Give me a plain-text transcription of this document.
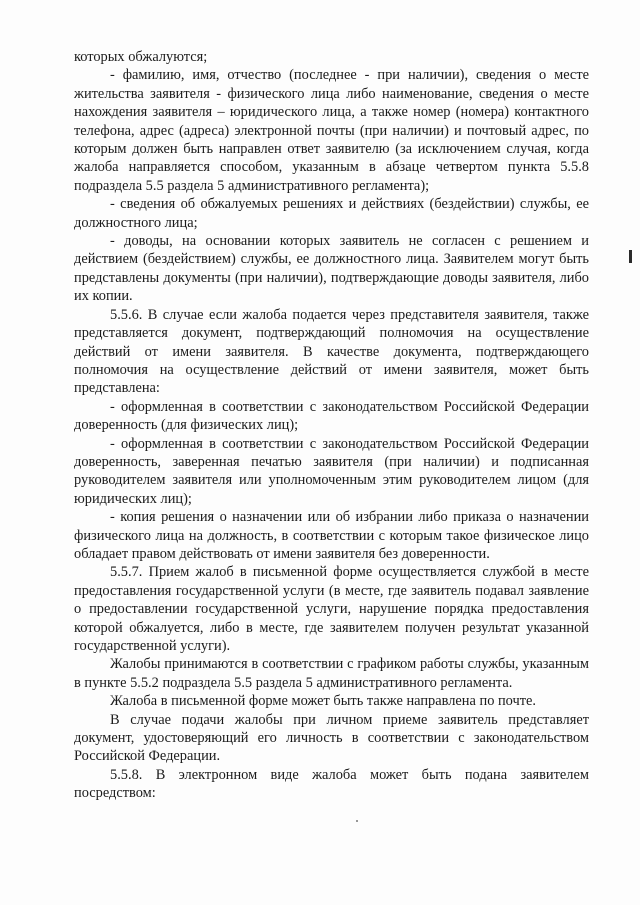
которых обжалуются;

- фамилию, имя, отчество (последнее - при наличии), сведения о месте жительства заявителя - физического лица либо наименование, сведения о месте нахождения заявителя – юридического лица, а также номер (номера) контактного телефона, адрес (адреса) электронной почты (при наличии) и почтовый адрес, по которым должен быть направлен ответ заявителю (за исключением случая, когда жалоба направляется способом, указанным в абзаце четвертом пункта 5.5.8 подраздела 5.5 раздела 5 административного регламента);

- сведения об обжалуемых решениях и действиях (бездействии) службы, ее должностного лица;

- доводы, на основании которых заявитель не согласен с решением и действием (бездействием) службы, ее должностного лица. Заявителем могут быть представлены документы (при наличии), подтверждающие доводы заявителя, либо их копии.

5.5.6. В случае если жалоба подается через представителя заявителя, также представляется документ, подтверждающий полномочия на осуществление действий от имени заявителя. В качестве документа, подтверждающего полномочия на осуществление действий от имени заявителя, может быть представлена:

- оформленная в соответствии с законодательством Российской Федерации доверенность (для физических лиц);

- оформленная в соответствии с законодательством Российской Федерации доверенность, заверенная печатью заявителя (при наличии) и подписанная руководителем заявителя или уполномоченным этим руководителем лицом (для юридических лиц);

- копия решения о назначении или об избрании либо приказа о назначении физического лица на должность, в соответствии с которым такое физическое лицо обладает правом действовать от имени заявителя без доверенности.

5.5.7. Прием жалоб в письменной форме осуществляется службой в месте предоставления государственной услуги (в месте, где заявитель подавал заявление о предоставлении государственной услуги, нарушение порядка предоставления которой обжалуется, либо в месте, где заявителем получен результат указанной государственной услуги).

Жалобы принимаются в соответствии с графиком работы службы, указанным в пункте 5.5.2 подраздела 5.5 раздела 5 административного регламента.

Жалоба в письменной форме может быть также направлена по почте.

В случае подачи жалобы при личном приеме заявитель представляет документ, удостоверяющий его личность в соответствии с законодательством Российской Федерации.

5.5.8. В электронном виде жалоба может быть подана заявителем посредством:
